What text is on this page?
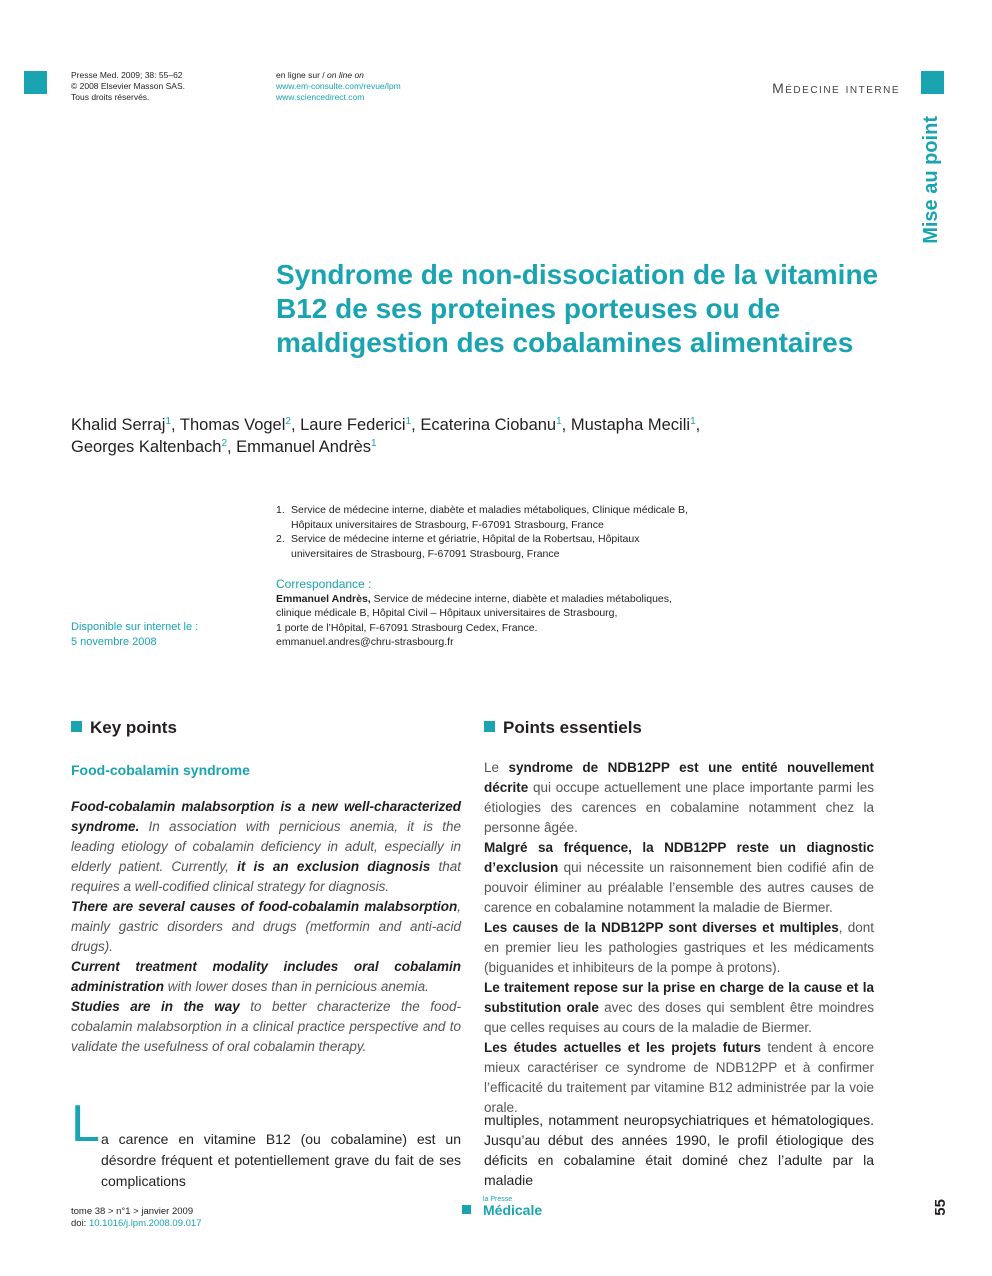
Presse Med. 2009; 38: 55–62
© 2008 Elsevier Masson SAS.
Tous droits réservés.
en ligne sur / on line on
www.em-consulte.com/revue/lpm
www.sciencedirect.com
Médecine interne
Mise au point
Syndrome de non-dissociation de la vitamine B12 de ses proteines porteuses ou de maldigestion des cobalamines alimentaires
Khalid Serraj$^1$, Thomas Vogel$^2$, Laure Federici$^1$, Ecaterina Ciobanu$^1$, Mustapha Mecili$^1$,
Georges Kaltenbach$^2$, Emmanuel Andrès$^1$
1. Service de médecine interne, diabète et maladies métaboliques, Clinique médicale B, Hôpitaux universitaires de Strasbourg, F-67091 Strasbourg, France
2. Service de médecine interne et gériatrie, Hôpital de la Robertsau, Hôpitaux universitaires de Strasbourg, F-67091 Strasbourg, France
Correspondance :
Emmanuel Andrès, Service de médecine interne, diabète et maladies métaboliques,
clinique médicale B, Hôpital Civil – Hôpitaux universitaires de Strasbourg,
1 porte de l’Hôpital, F-67091 Strasbourg Cedex, France.
emmanuel.andres@chru-strasbourg.fr
Disponible sur internet le :
5 novembre 2008
Key points
Food-cobalamin syndrome

Food-cobalamin malabsorption is a new well-characterized syndrome. In association with pernicious anemia, it is the leading etiology of cobalamin deficiency in adult, especially in elderly patient. Currently, it is an exclusion diagnosis that requires a well-codified clinical strategy for diagnosis.

There are several causes of food-cobalamin malabsorption, mainly gastric disorders and drugs (metformin and anti-acid drugs).

Current treatment modality includes oral cobalamin administration with lower doses than in pernicious anemia.

Studies are in the way to better characterize the food-cobalamin malabsorption in a clinical practice perspective and to validate the usefulness of oral cobalamin therapy.

Points essentiels

Le syndrome de NDB12PP est une entité nouvellement décrite qui occupe actuellement une place importante parmi les étiologies des carences en cobalamine notamment chez la personne âgée.

Malgré sa fréquence, la NDB12PP reste un diagnostic d’exclusion qui nécessite un raisonnement bien codifié afin de pouvoir éliminer au préalable l’ensemble des autres causes de carence en cobalamine notamment la maladie de Biermer.

Les causes de la NDB12PP sont diverses et multiples, dont en premier lieu les pathologies gastriques et les médicaments (biguanides et inhibiteurs de la pompe à protons).

Le traitement repose sur la prise en charge de la cause et la substitution orale avec des doses qui semblent être moindres que celles requises au cours de la maladie de Biermer.

Les études actuelles et les projets futurs tendent à encore mieux caractériser ce syndrome de NDB12PP et à confirmer l’efficacité du traitement par vitamine B12 administrée par la voie orale.

L a carence en vitamine B12 (ou cobalamine) est un désordre fréquent et potentiellement grave du fait de ses complications
multiples, notamment neuropsychiatriques et hématologiques. Jusqu’au début des années 1990, le profil étiologique des déficits en cobalamine était dominé chez l’adulte par la maladie
tome 38 > n°1 > janvier 2009
doi: 10.1016/j.lpm.2008.09.017
la Presse
Médicale	55
